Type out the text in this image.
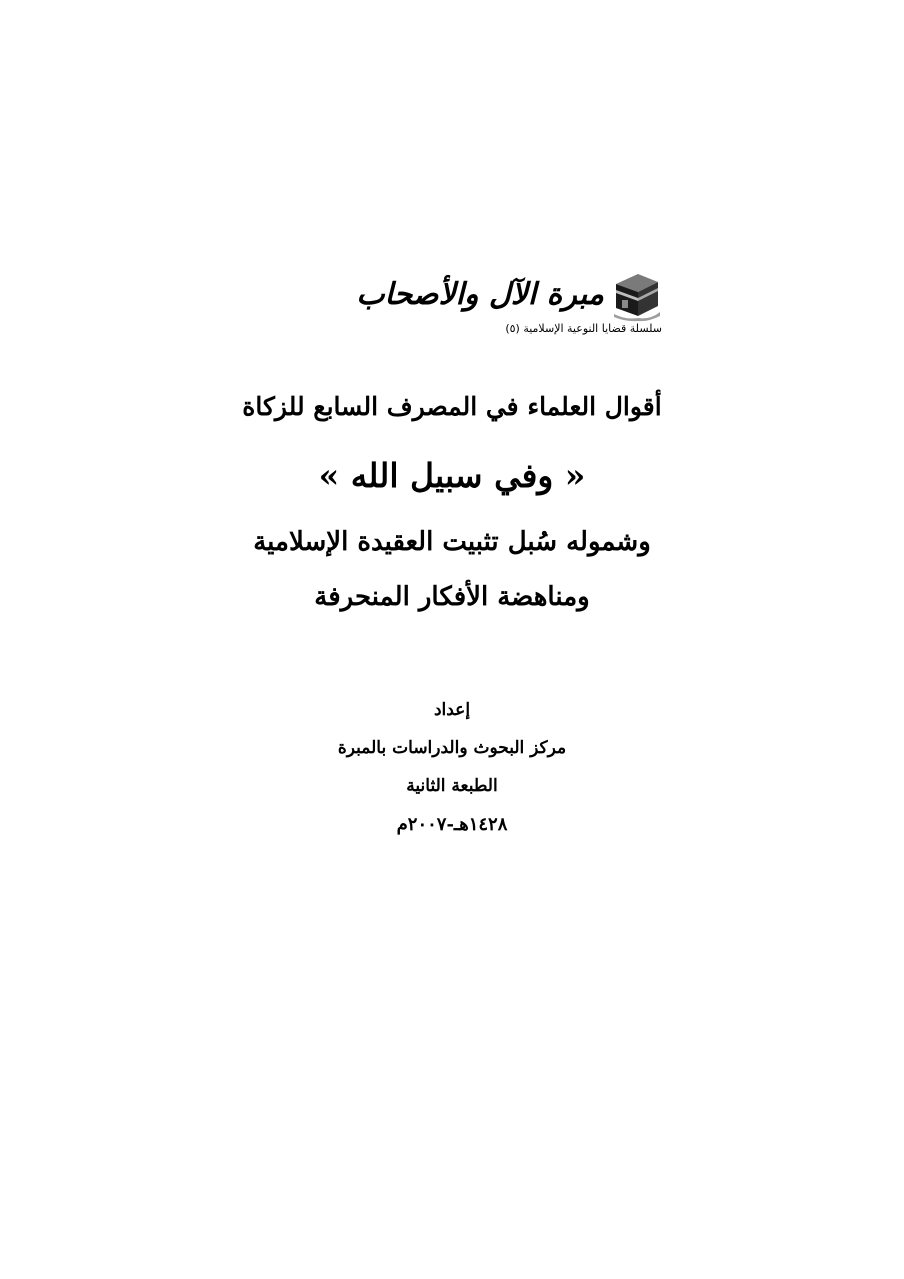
مبرة الآل والأصحاب
سلسلة قضايا النوعية الإسلامية (٥)
أقوال العلماء في المصرف السابع للزكاة
« وفي سبيل الله »
وشموله سُبل تثبيت العقيدة الإسلامية
ومناهضة الأفكار المنحرفة
إعداد
مركز البحوث والدراسات بالمبرة
الطبعة الثانية
١٤٢٨هـ-٢٠٠٧م
